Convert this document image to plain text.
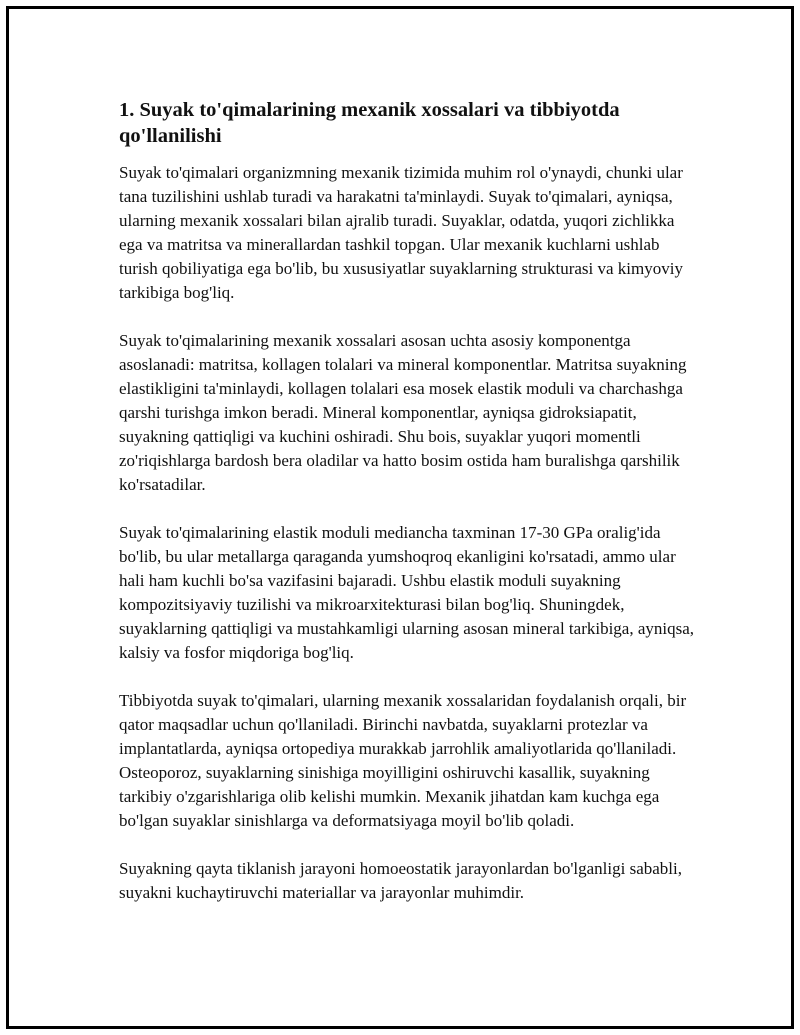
1. Suyak to'qimalarining mexanik xossalari va tibbiyotda qo'llanilishi

Suyak to'qimalari organizmning mexanik tizimida muhim rol o'ynaydi, chunki ular tana tuzilishini ushlab turadi va harakatni ta'minlaydi. Suyak to'qimalari, ayniqsa, ularning mexanik xossalari bilan ajralib turadi. Suyaklar, odatda, yuqori zichlikka ega va matritsa va minerallardan tashkil topgan. Ular mexanik kuchlarni ushlab turish qobiliyatiga ega bo'lib, bu xususiyatlar suyaklarning strukturasi va kimyoviy tarkibiga bog'liq.

Suyak to'qimalarining mexanik xossalari asosan uchta asosiy komponentga asoslanadi: matritsa, kollagen tolalari va mineral komponentlar. Matritsa suyakning elastikligini ta'minlaydi, kollagen tolalari esa mosek elastik moduli va charchashga qarshi turishga imkon beradi. Mineral komponentlar, ayniqsa gidroksiapatit, suyakning qattiqligi va kuchini oshiradi. Shu bois, suyaklar yuqori momentli zo'riqishlarga bardosh bera oladilar va hatto bosim ostida ham buralishga qarshilik ko'rsatadilar.

Suyak to'qimalarining elastik moduli mediancha taxminan 17-30 GPa oralig'ida bo'lib, bu ular metallarga qaraganda yumshoqroq ekanligini ko'rsatadi, ammo ular hali ham kuchli bo'sa vazifasini bajaradi. Ushbu elastik moduli suyakning kompozitsiyaviy tuzilishi va mikroarxitekturasi bilan bog'liq. Shuningdek, suyaklarning qattiqligi va mustahkamligi ularning asosan mineral tarkibiga, ayniqsa, kalsiy va fosfor miqdoriga bog'liq.

Tibbiyotda suyak to'qimalari, ularning mexanik xossalaridan foydalanish orqali, bir qator maqsadlar uchun qo'llaniladi. Birinchi navbatda, suyaklarni protezlar va implantatlarda, ayniqsa ortopediya murakkab jarrohlik amaliyotlarida qo'llaniladi. Osteoporoz, suyaklarning sinishiga moyilligini oshiruvchi kasallik, suyakning tarkibiy o'zgarishlariga olib kelishi mumkin. Mexanik jihatdan kam kuchga ega bo'lgan suyaklar sinishlarga va deformatsiyaga moyil bo'lib qoladi.

Suyakning qayta tiklanish jarayoni homoeostatik jarayonlardan bo'lganligi sababli, suyakni kuchaytiruvchi materiallar va jarayonlar muhimdir.
